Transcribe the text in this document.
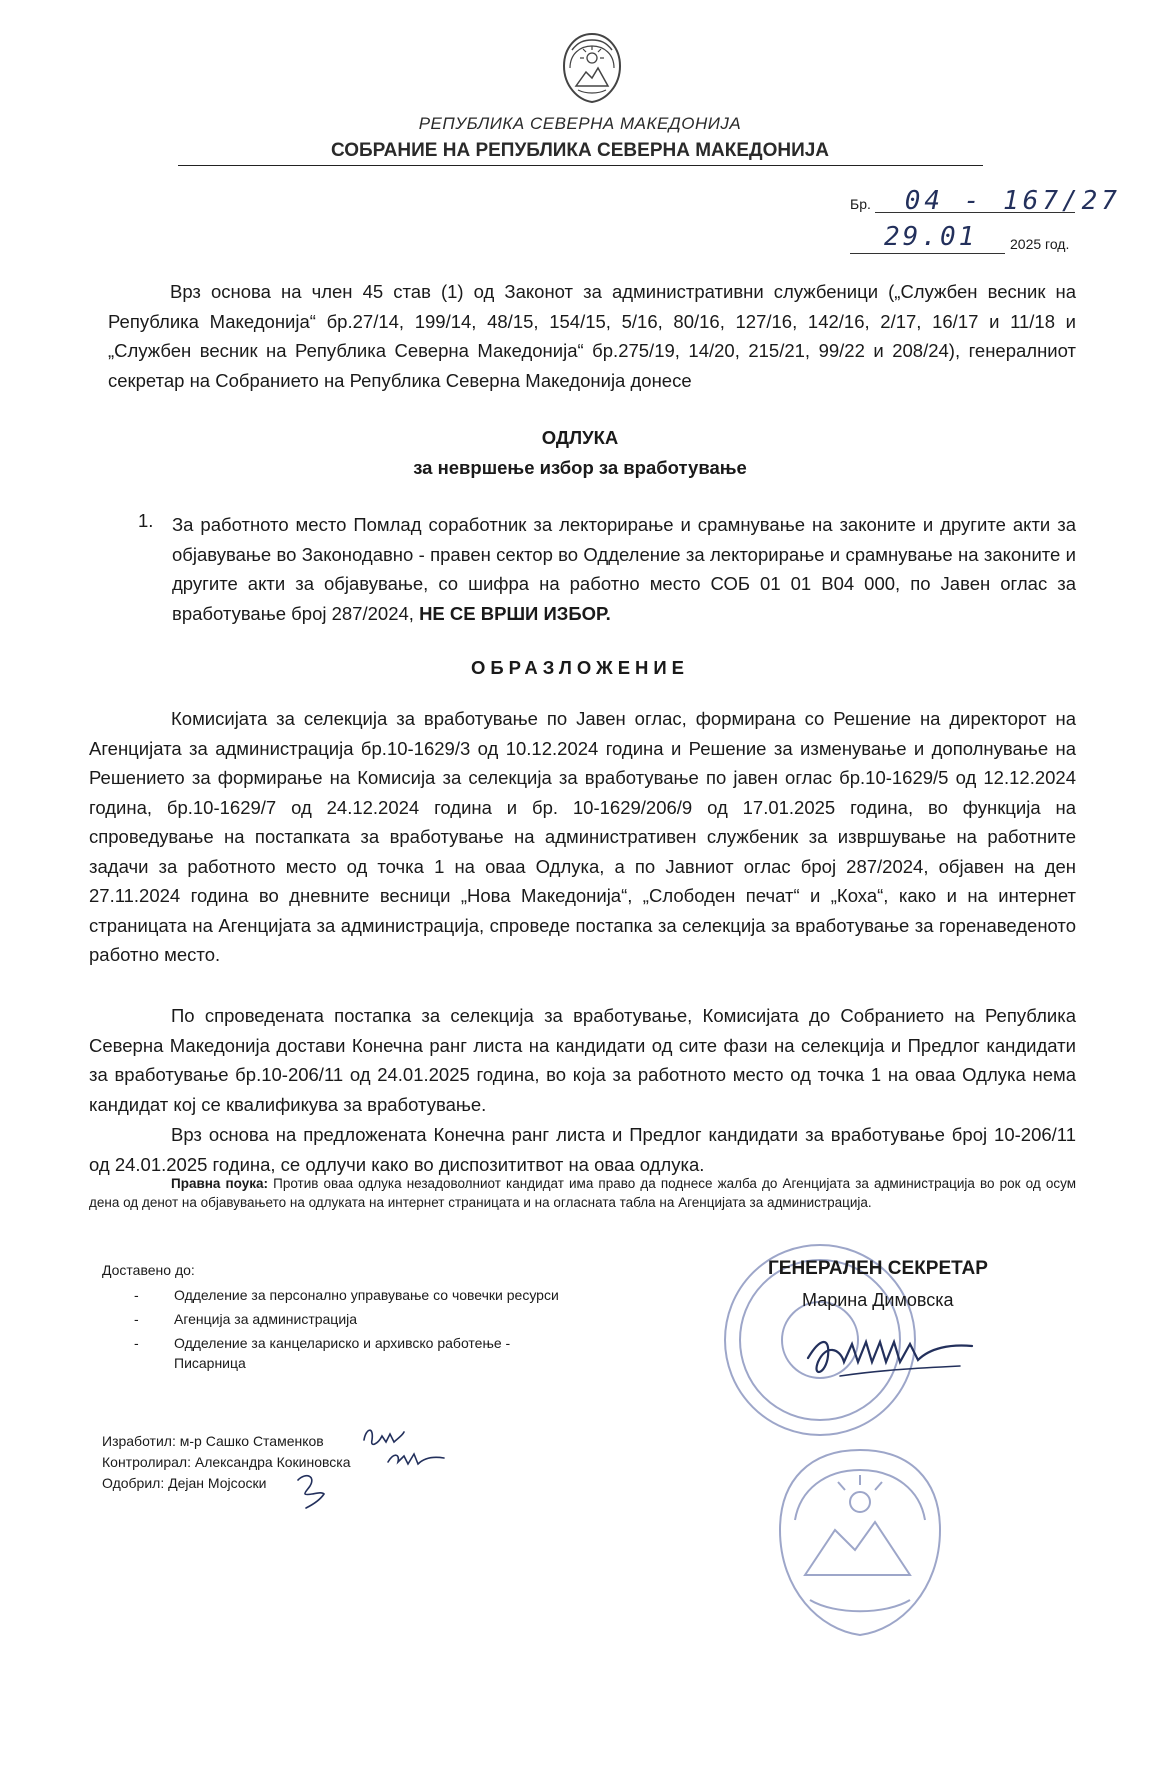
РЕПУБЛИКА СЕВЕРНА МАКЕДОНИЈА
СОБРАНИЕ НА РЕПУБЛИКА СЕВЕРНА МАКЕДОНИЈА
Бр. 04 - 167/27
29.01 2025 год.
Врз основа на член 45 став (1) од Законот за административни службеници („Службен весник на Република Македонија“ бр.27/14, 199/14, 48/15, 154/15, 5/16, 80/16, 127/16, 142/16, 2/17, 16/17 и 11/18 и „Службен весник на Република Северна Македонија“ бр.275/19, 14/20, 215/21, 99/22 и 208/24), генералниот секретар на Собранието на Република Северна Македонија донесе
ОДЛУКА
за невршење избор за вработување
1. За работното место Помлад соработник за лекторирање и срамнување на законите и другите акти за објавување во Законодавно - правен сектор во Одделение за лекторирање и срамнување на законите и другите акти за објавување, со шифра на работно место СОБ 01 01 В04 000, по Јавен оглас за вработување број 287/2024, НЕ СЕ ВРШИ ИЗБОР.
ОБРАЗЛОЖЕНИЕ
Комисијата за селекција за вработување по Јавен оглас, формирана со Решение на директорот на Агенцијата за администрација бр.10-1629/3 од 10.12.2024 година и Решение за изменување и дополнување на Решението за формирање на Комисија за селекција за вработување по јавен оглас бр.10-1629/5 од 12.12.2024 година, бр.10-1629/7 од 24.12.2024 година и бр. 10-1629/206/9 од 17.01.2025 година, во функција на спроведување на постапката за вработување на административен службеник за извршување на работните задачи за работното место од точка 1 на оваа Одлука, а по Јавниот оглас број 287/2024, објавен на ден 27.11.2024 година во дневните весници „Нова Македонија“, „Слободен печат“ и „Коха“, како и на интернет страницата на Агенцијата за администрација, спроведе постапка за селекција за вработување за горенаведеното работно место.
По спроведената постапка за селекција за вработување, Комисијата до Собранието на Република Северна Македонија достави Конечна ранг листа на кандидати од сите фази на селекција и Предлог кандидати за вработување бр.10-206/11 од 24.01.2025 година, во која за работното место од точка 1 на оваа Одлука нема кандидат кој се квалификува за вработување.
Врз основа на предложената Конечна ранг листа и Предлог кандидати за вработување број 10-206/11 од 24.01.2025 година, се одлучи како во диспозититвот на оваа одлука.
Правна поука: Против оваа одлука незадоволниот кандидат има право да поднесе жалба до Агенцијата за администрација во рок од осум дена од денот на објавувањето на одлуката на интернет страницата и на огласната табла на Агенцијата за администрација.
Доставено до:
-	Одделение за персонално управување со човечки ресурси
-	Агенција за администрација
-	Одделение за канцелариско и архивско работење - Писарница
ГЕНЕРАЛЕН СЕКРЕТАР
Марина Димовска
Изработил: м-р Сашко Стаменков
Контролирал: Александра Кокиновска
Одобрил: Дејан Мојсоски
